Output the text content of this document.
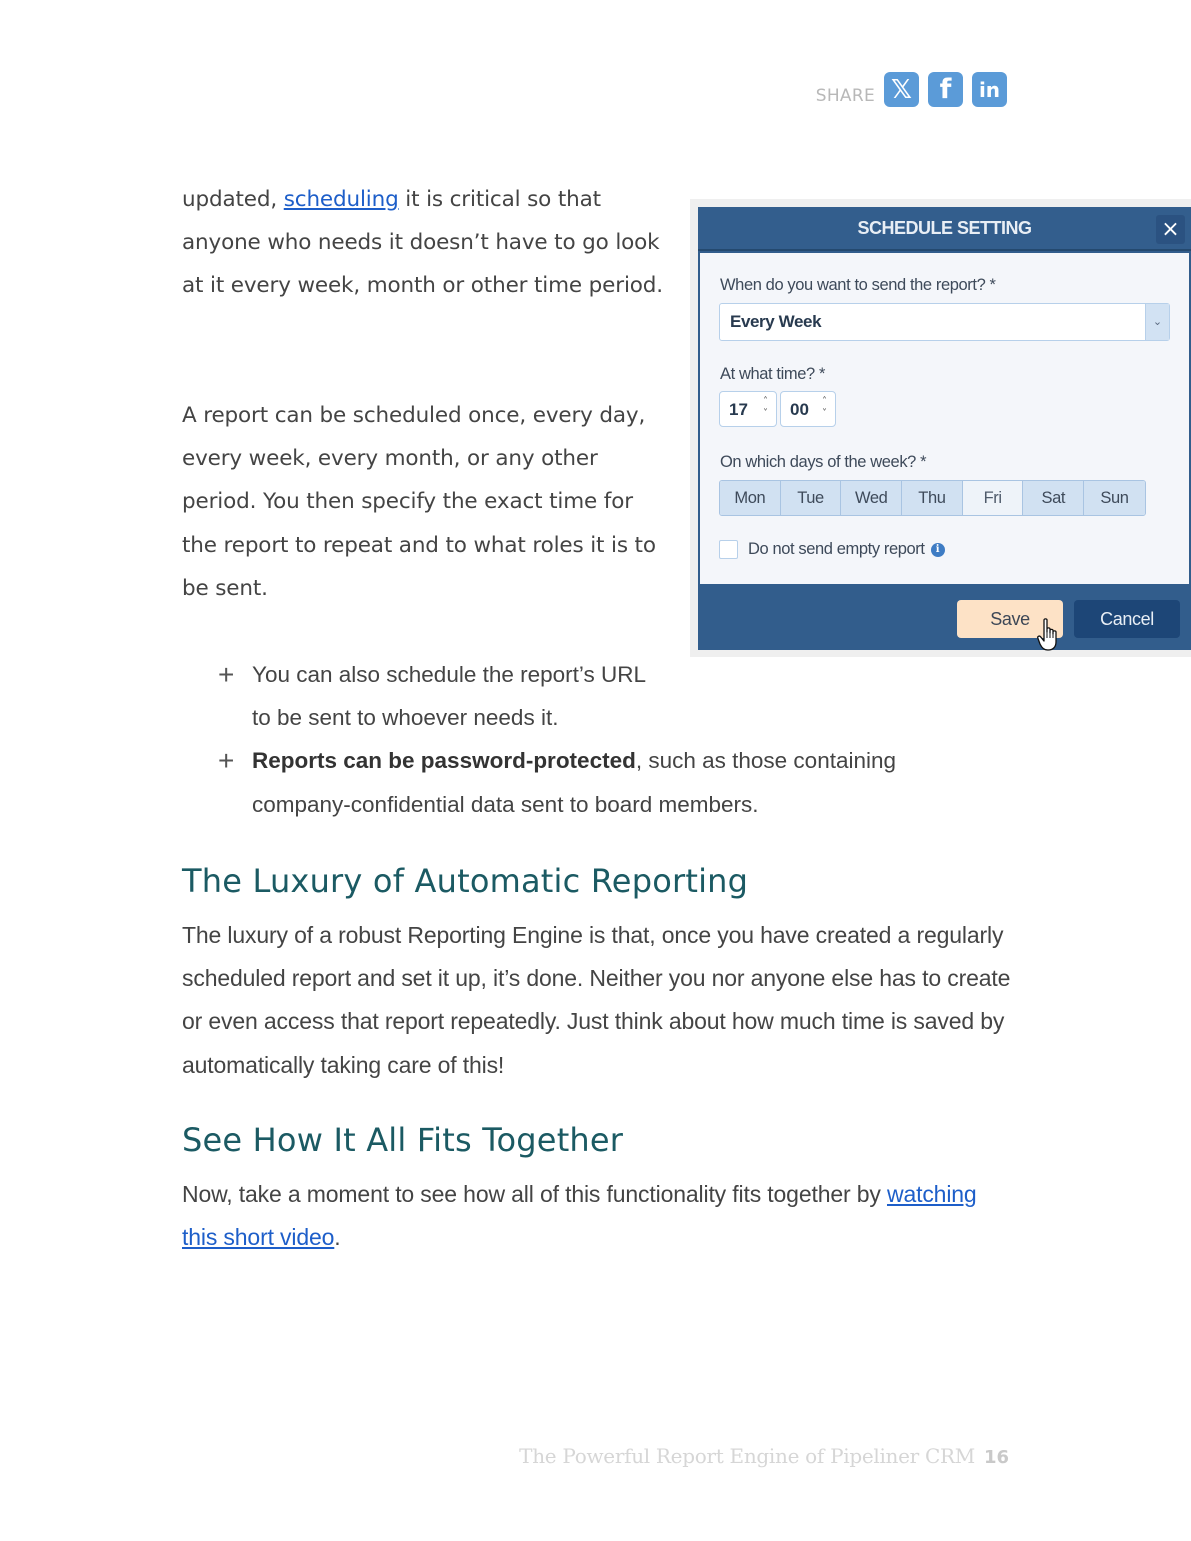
SHARE 𝕏	f	in

updated, scheduling it is critical so that anyone who needs it doesn’t have to go look at it every week, month or other time period.

A report can be scheduled once, every day, every week, every month, or any other period. You then specify the exact time for the report to repeat and to what roles it is to be sent.

+ You can also schedule the report’s URL to be sent to whoever needs it.
+ Reports can be password-protected, such as those containing company-confidential data sent to board members.
The Luxury of Automatic Reporting

The luxury of a robust Reporting Engine is that, once you have created a regularly scheduled report and set it up, it’s done. Neither you nor anyone else has to create or even access that report repeatedly. Just think about how much time is saved by automatically taking care of this!

See How It All Fits Together

Now, take a moment to see how all of this functionality fits together by watching this short video.

SCHEDULE SETTING	×
When do you want to send the report? *
Every Week	⌄
At what time? *
17 ˄
˅ 00 ˄
˅
On which days of the week? *
Mon	Tue	Wed	Thu	Fri	Sat	Sun
Do not send empty report	i
Save	Cancel
The Powerful Report Engine of Pipeliner CRM 16
